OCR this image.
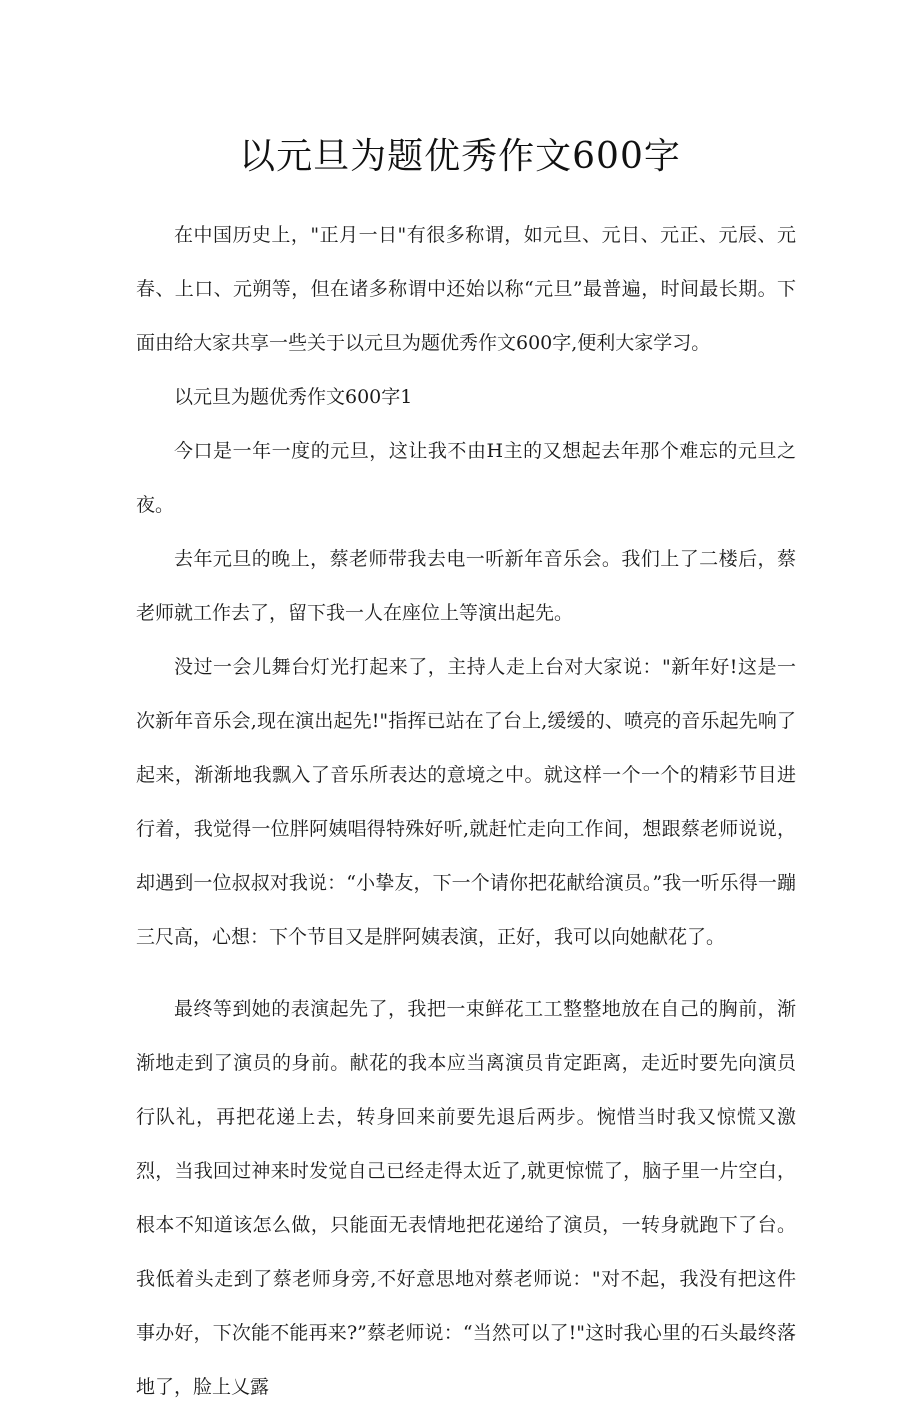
以元旦为题优秀作文600字

在中国历史上，"正月一日"有很多称谓，如元旦、元日、元正、元辰、元春、上口、元朔等，但在诸多称谓中还始以称“元旦”最普遍，时间最长期。下面由给大家共享一些关于以元旦为题优秀作文600字,便利大家学习。

以元旦为题优秀作文600字1

今口是一年一度的元旦，这让我不由H主的又想起去年那个难忘的元旦之夜。

去年元旦的晚上，蔡老师带我去电一听新年音乐会。我们上了二楼后，蔡老师就工作去了，留下我一人在座位上等演出起先。

没过一会儿舞台灯光打起来了，主持人走上台对大家说："新年好!这是一次新年音乐会,现在演出起先!"指挥已站在了台上,缓缓的、喷亮的音乐起先响了起来，渐渐地我飘入了音乐所表达的意境之中。就这样一个一个的精彩节目进行着，我觉得一位胖阿姨唱得特殊好听,就赶忙走向工作间，想跟蔡老师说说，却遇到一位叔叔对我说：“小挚友，下一个请你把花献给演员。”我一听乐得一蹦三尺高，心想：下个节目又是胖阿姨表演，正好，我可以向她献花了。

最终等到她的表演起先了，我把一束鲜花工工整整地放在自己的胸前，渐渐地走到了演员的身前。献花的我本应当离演员肯定距离，走近时要先向演员行队礼，再把花递上去，转身回来前要先退后两步。惋惜当时我又惊慌又激烈，当我回过神来时发觉自己已经走得太近了,就更惊慌了，脑子里一片空白，根本不知道该怎么做，只能面无表情地把花递给了演员，一转身就跑下了台。我低着头走到了蔡老师身旁,不好意思地对蔡老师说："对不起，我没有把这件事办好，下次能不能再来?”蔡老师说：“当然可以了!"这时我心里的石头最终落地了，脸上乂露
